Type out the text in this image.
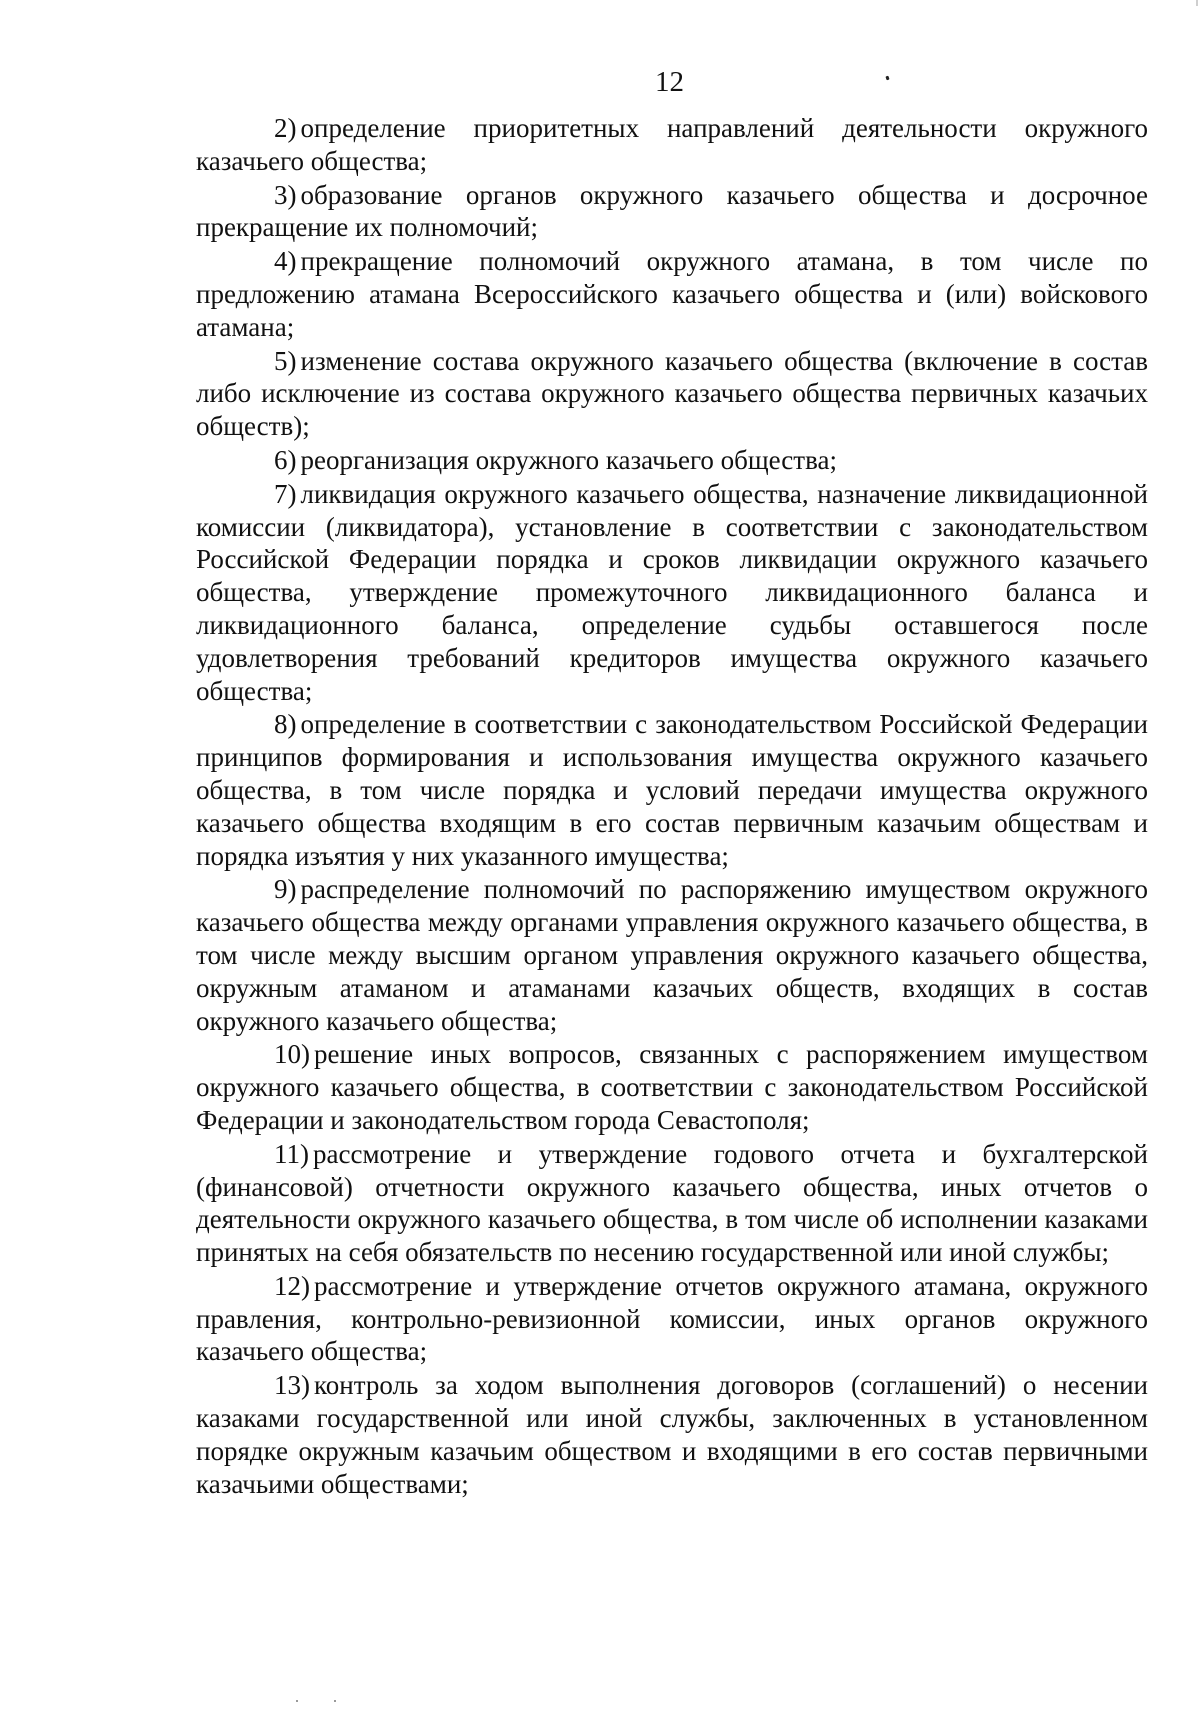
12

2) определение приоритетных направлений деятельности окружного казачьего общества;

3) образование органов окружного казачьего общества и досрочное прекращение их полномочий;

4) прекращение полномочий окружного атамана, в том числе по предложению атамана Всероссийского казачьего общества и (или) войскового атамана;

5) изменение состава окружного казачьего общества (включение в состав либо исключение из состава окружного казачьего общества первичных казачьих обществ);

6) реорганизация окружного казачьего общества;

7) ликвидация окружного казачьего общества, назначение ликвидационной комиссии (ликвидатора), установление в соответствии с законодательством Российской Федерации порядка и сроков ликвидации окружного казачьего общества, утверждение промежуточного ликвидационного баланса и ликвидационного баланса, определение судьбы оставшегося после удовлетворения требований кредиторов имущества окружного казачьего общества;

8) определение в соответствии с законодательством Российской Федерации принципов формирования и использования имущества окружного казачьего общества, в том числе порядка и условий передачи имущества окружного казачьего общества входящим в его состав первичным казачьим обществам и порядка изъятия у них указанного имущества;

9) распределение полномочий по распоряжению имуществом окружного казачьего общества между органами управления окружного казачьего общества, в том числе между высшим органом управления окружного казачьего общества, окружным атаманом и атаманами казачьих обществ, входящих в состав окружного казачьего общества;

10) решение иных вопросов, связанных с распоряжением имуществом окружного казачьего общества, в соответствии с законодательством Российской Федерации и законодательством города Севастополя;

11) рассмотрение и утверждение годового отчета и бухгалтерской (финансовой) отчетности окружного казачьего общества, иных отчетов о деятельности окружного казачьего общества, в том числе об исполнении казаками принятых на себя обязательств по несению государственной или иной службы;

12) рассмотрение и утверждение отчетов окружного атамана, окружного правления, контрольно-ревизионной комиссии, иных органов окружного казачьего общества;

13) контроль за ходом выполнения договоров (соглашений) о несении казаками государственной или иной службы, заключенных в установленном порядке окружным казачьим обществом и входящими в его состав первичными казачьими обществами;
